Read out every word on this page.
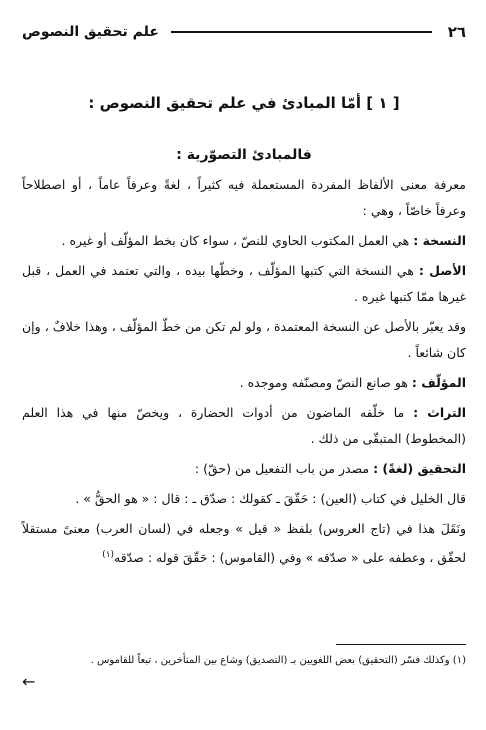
٢٦
علم تحقيق النصوص
[ ١ ] أمّا المبادئ في علم تحقيق النصوص :
فالمبادئ التصوّرية :

معرفة معنى الألفاظ المفردة المستعملة فيه كثيراً ، لغةً وعرفاً عاماً ، أو اصطلاحاً وعرفاً خاصّاً ، وهي :

النسخة : هي العمل المكتوب الحاوي للنصّ ، سواء كان بخط المؤلّف أو غيره .

الأصل : هي النسخة التي كتبها المؤلّف ، وخطّها بيده ، والتي تعتمد في العمل ، قبل غيرها ممّا كتبها غيره .

وقد يعبّر بالأصل عن النسخة المعتمدة ، ولو لم تكن من خطّ المؤلّف ، وهذا خلافٌ ، وإن كان شائعاً .

المؤلّف : هو صانع النصّ ومصنّفه وموجده .

التراث : ما خلّفه الماضون من أدوات الحضارة ، ويخصّ منها في هذا العلم (المخطوط) المتبقّى من ذلك .

التحقيق (لغةً) : مصدر من باب التفعيل من (حقّ) :

قال الخليل في كتاب (العين) : حَقّقَ ـ كقولك : صدّق ـ : قال : « هو الحقُّ » .

ونَقَلَ هذا في (تاج العروس) بلفظ « قيل » وجعله في (لسان العرب) معنىً مستقلاً لحقّق ، وعطفه على « صدّقه » وفي (القاموس) : حَقّقَ قوله : صدّقه$^{(١)}$

(١) وكذلك فسّر (التحقيق) بعض اللغويين بـ (التصديق) وشاع بين المتأخرين ، تبعاً للقاموس .
←
